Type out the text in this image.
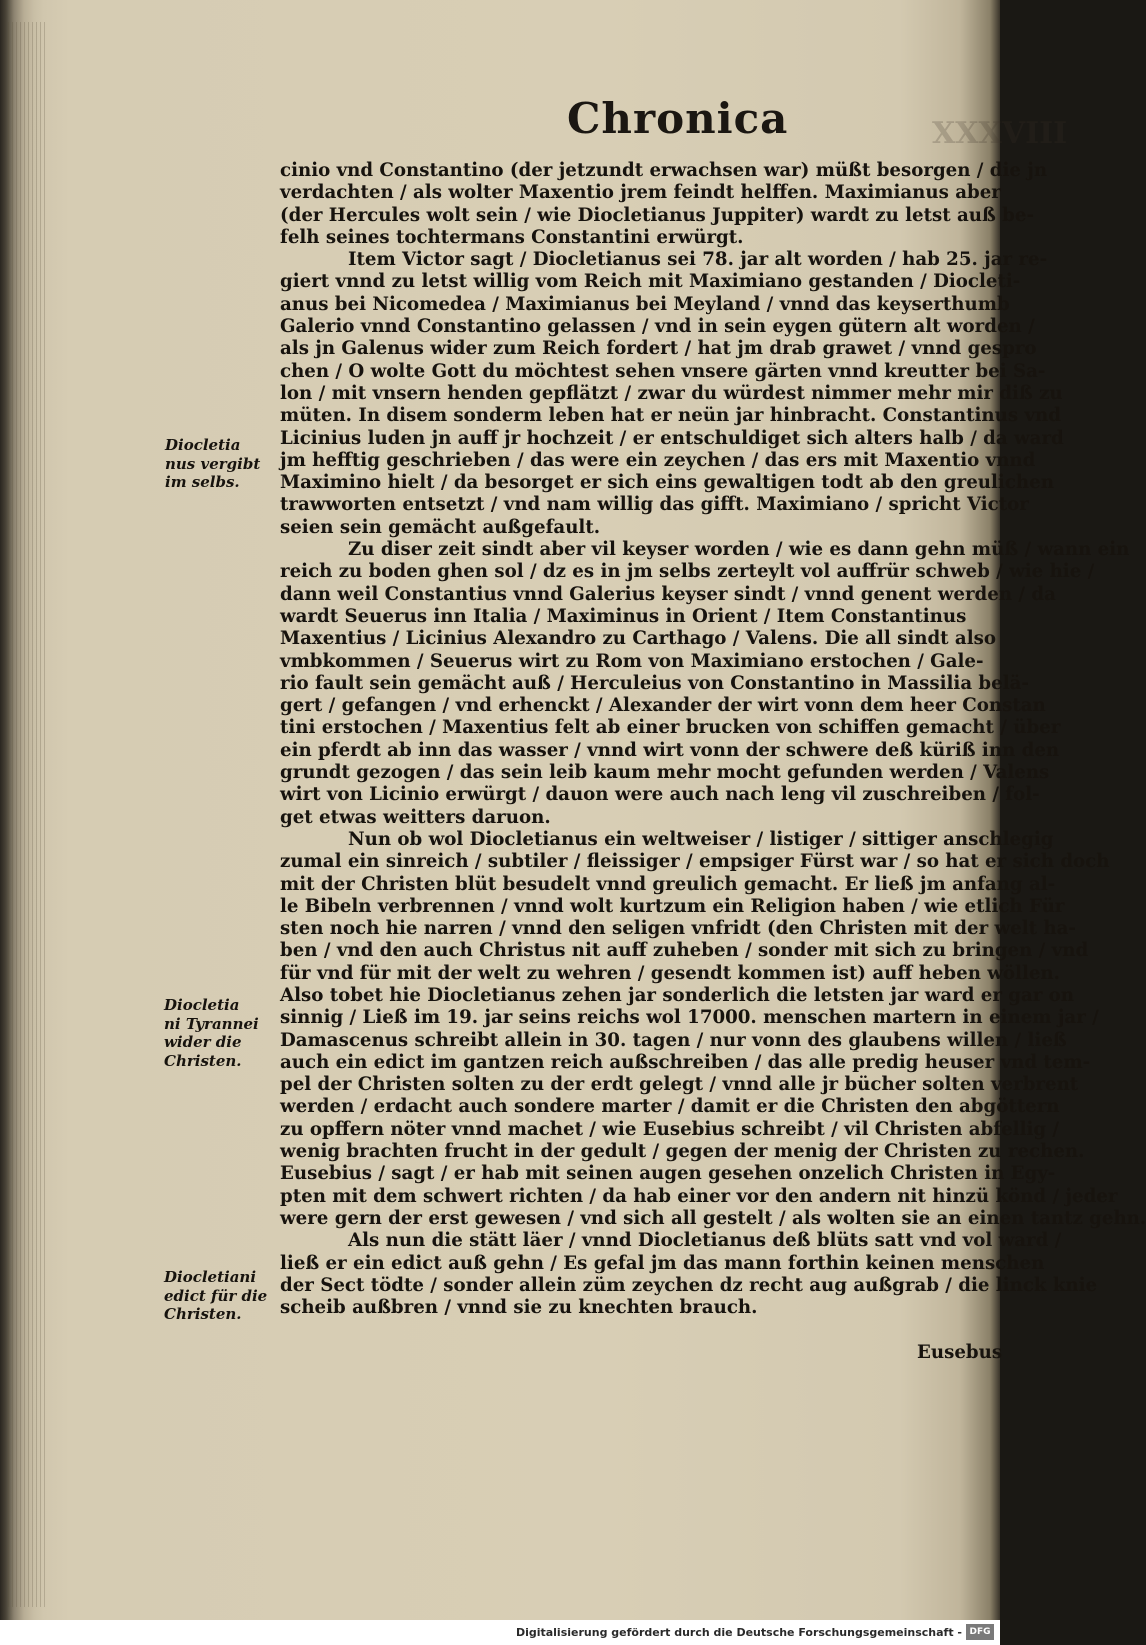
Chronica	XXXVIII
Diocletia
nus vergibt
im selbs.
Diocletia
ni Tyrannei
wider die
Christen.
Diocletiani
edict für die
Christen.
cinio vnd Constantino (der jetzundt erwachsen war) müßt besorgen / die jn
verdachten / als wolter Maxentio jrem feindt helffen. Maximianus aber
(der Hercules wolt sein / wie Diocletianus Juppiter) wardt zu letst auß be-
felh seines tochtermans Constantini erwürgt.
Item Victor sagt / Diocletianus sei 78. jar alt worden / hab 25. jar re-
giert vnnd zu letst willig vom Reich mit Maximiano gestanden / Diocleti-
anus bei Nicomedea / Maximianus bei Meyland / vnnd das keyserthumb
Galerio vnnd Constantino gelassen / vnd in sein eygen gütern alt worden /
als jn Galenus wider zum Reich fordert / hat jm drab grawet / vnnd gespro
chen / O wolte Gott du möchtest sehen vnsere gärten vnnd kreutter bei Sa-
lon / mit vnsern henden gepflätzt / zwar du würdest nimmer mehr mir diß zu
müten. In disem sonderm leben hat er neün jar hinbracht. Constantinus vnd
Licinius luden jn auff jr hochzeit / er entschuldiget sich alters halb / da ward
jm hefftig geschrieben / das were ein zeychen / das ers mit Maxentio vnnd
Maximino hielt / da besorget er sich eins gewaltigen todt ab den greulichen
trawworten entsetzt / vnd nam willig das gifft. Maximiano / spricht Victor
seien sein gemächt außgefault.
Zu diser zeit sindt aber vil keyser worden / wie es dann gehn müß / wann ein
reich zu boden ghen sol / dz es in jm selbs zerteylt vol auffrür schweb / wie hie /
dann weil Constantius vnnd Galerius keyser sindt / vnnd genent werden / da
wardt Seuerus inn Italia / Maximinus in Orient / Item Constantinus
Maxentius / Licinius Alexandro zu Carthago / Valens. Die all sindt also
vmbkommen / Seuerus wirt zu Rom von Maximiano erstochen / Gale-
rio fault sein gemächt auß / Herculeius von Constantino in Massilia belä-
gert / gefangen / vnd erhenckt / Alexander der wirt vonn dem heer Constan
tini erstochen / Maxentius felt ab einer brucken von schiffen gemacht / über
ein pferdt ab inn das wasser / vnnd wirt vonn der schwere deß küriß inn den
grundt gezogen / das sein leib kaum mehr mocht gefunden werden / Valens
wirt von Licinio erwürgt / dauon were auch nach leng vil zuschreiben / fol-
get etwas weitters daruon.
Nun ob wol Diocletianus ein weltweiser / listiger / sittiger anschlegig
zumal ein sinreich / subtiler / fleissiger / empsiger Fürst war / so hat er sich doch
mit der Christen blüt besudelt vnnd greulich gemacht. Er ließ jm anfang al-
le Bibeln verbrennen / vnnd wolt kurtzum ein Religion haben / wie etlich Für
sten noch hie narren / vnnd den seligen vnfridt (den Christen mit der welt ha-
ben / vnd den auch Christus nit auff zuheben / sonder mit sich zu bringen / vnd
für vnd für mit der welt zu wehren / gesendt kommen ist) auff heben wöllen.
Also tobet hie Diocletianus zehen jar sonderlich die letsten jar ward er gar on
sinnig / Ließ im 19. jar seins reichs wol 17000. menschen martern in einem jar /
Damascenus schreibt allein in 30. tagen / nur vonn des glaubens willen / ließ
auch ein edict im gantzen reich außschreiben / das alle predig heuser vnd tem-
pel der Christen solten zu der erdt gelegt / vnnd alle jr bücher solten verbrent
werden / erdacht auch sondere marter / damit er die Christen den abgöttern
zu opffern nöter vnnd machet / wie Eusebius schreibt / vil Christen abfellig /
wenig brachten frucht in der gedult / gegen der menig der Christen zu rechen.
Eusebius / sagt / er hab mit seinen augen gesehen onzelich Christen in Egy-
pten mit dem schwert richten / da hab einer vor den andern nit hinzü könd / jeder
were gern der erst gewesen / vnd sich all gestelt / als wolten sie an einen tantz gehn.
Als nun die stätt läer / vnnd Diocletianus deß blüts satt vnd vol ward /
ließ er ein edict auß gehn / Es gefal jm das mann forthin keinen menschen
der Sect tödte / sonder allein züm zeychen dz recht aug außgrab / die linck knie
scheib außbren / vnnd sie zu knechten brauch.
Eusebus
Digitalisierung gefördert durch die Deutsche Forschungsgemeinschaft - DFG
